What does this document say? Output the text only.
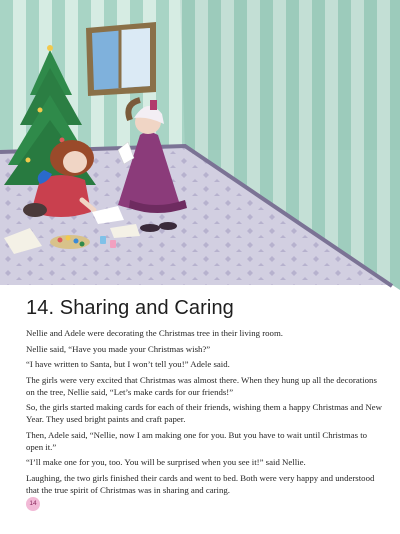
14. Sharing and Caring

Nellie and Adele were decorating the Christmas tree in their living room.

Nellie said, “Have you made your Christmas wish?”

“I have written to Santa, but I won’t tell you!” Adele said.

The girls were very excited that Christmas was almost there. When they hung up all the decorations on the tree, Nellie said, “Let’s make cards for our friends!”

So, the girls started making cards for each of their friends, wishing them a happy Christmas and New Year. They used bright paints and craft paper.

Then, Adele said, “Nellie, now I am making one for you. But you have to wait until Christmas to open it.”

“I’ll make one for you, too. You will be surprised when you see it!” said Nellie.

Laughing, the two girls finished their cards and went to bed. Both were very happy and understood that the true spirit of Christmas was in sharing and caring.

14
